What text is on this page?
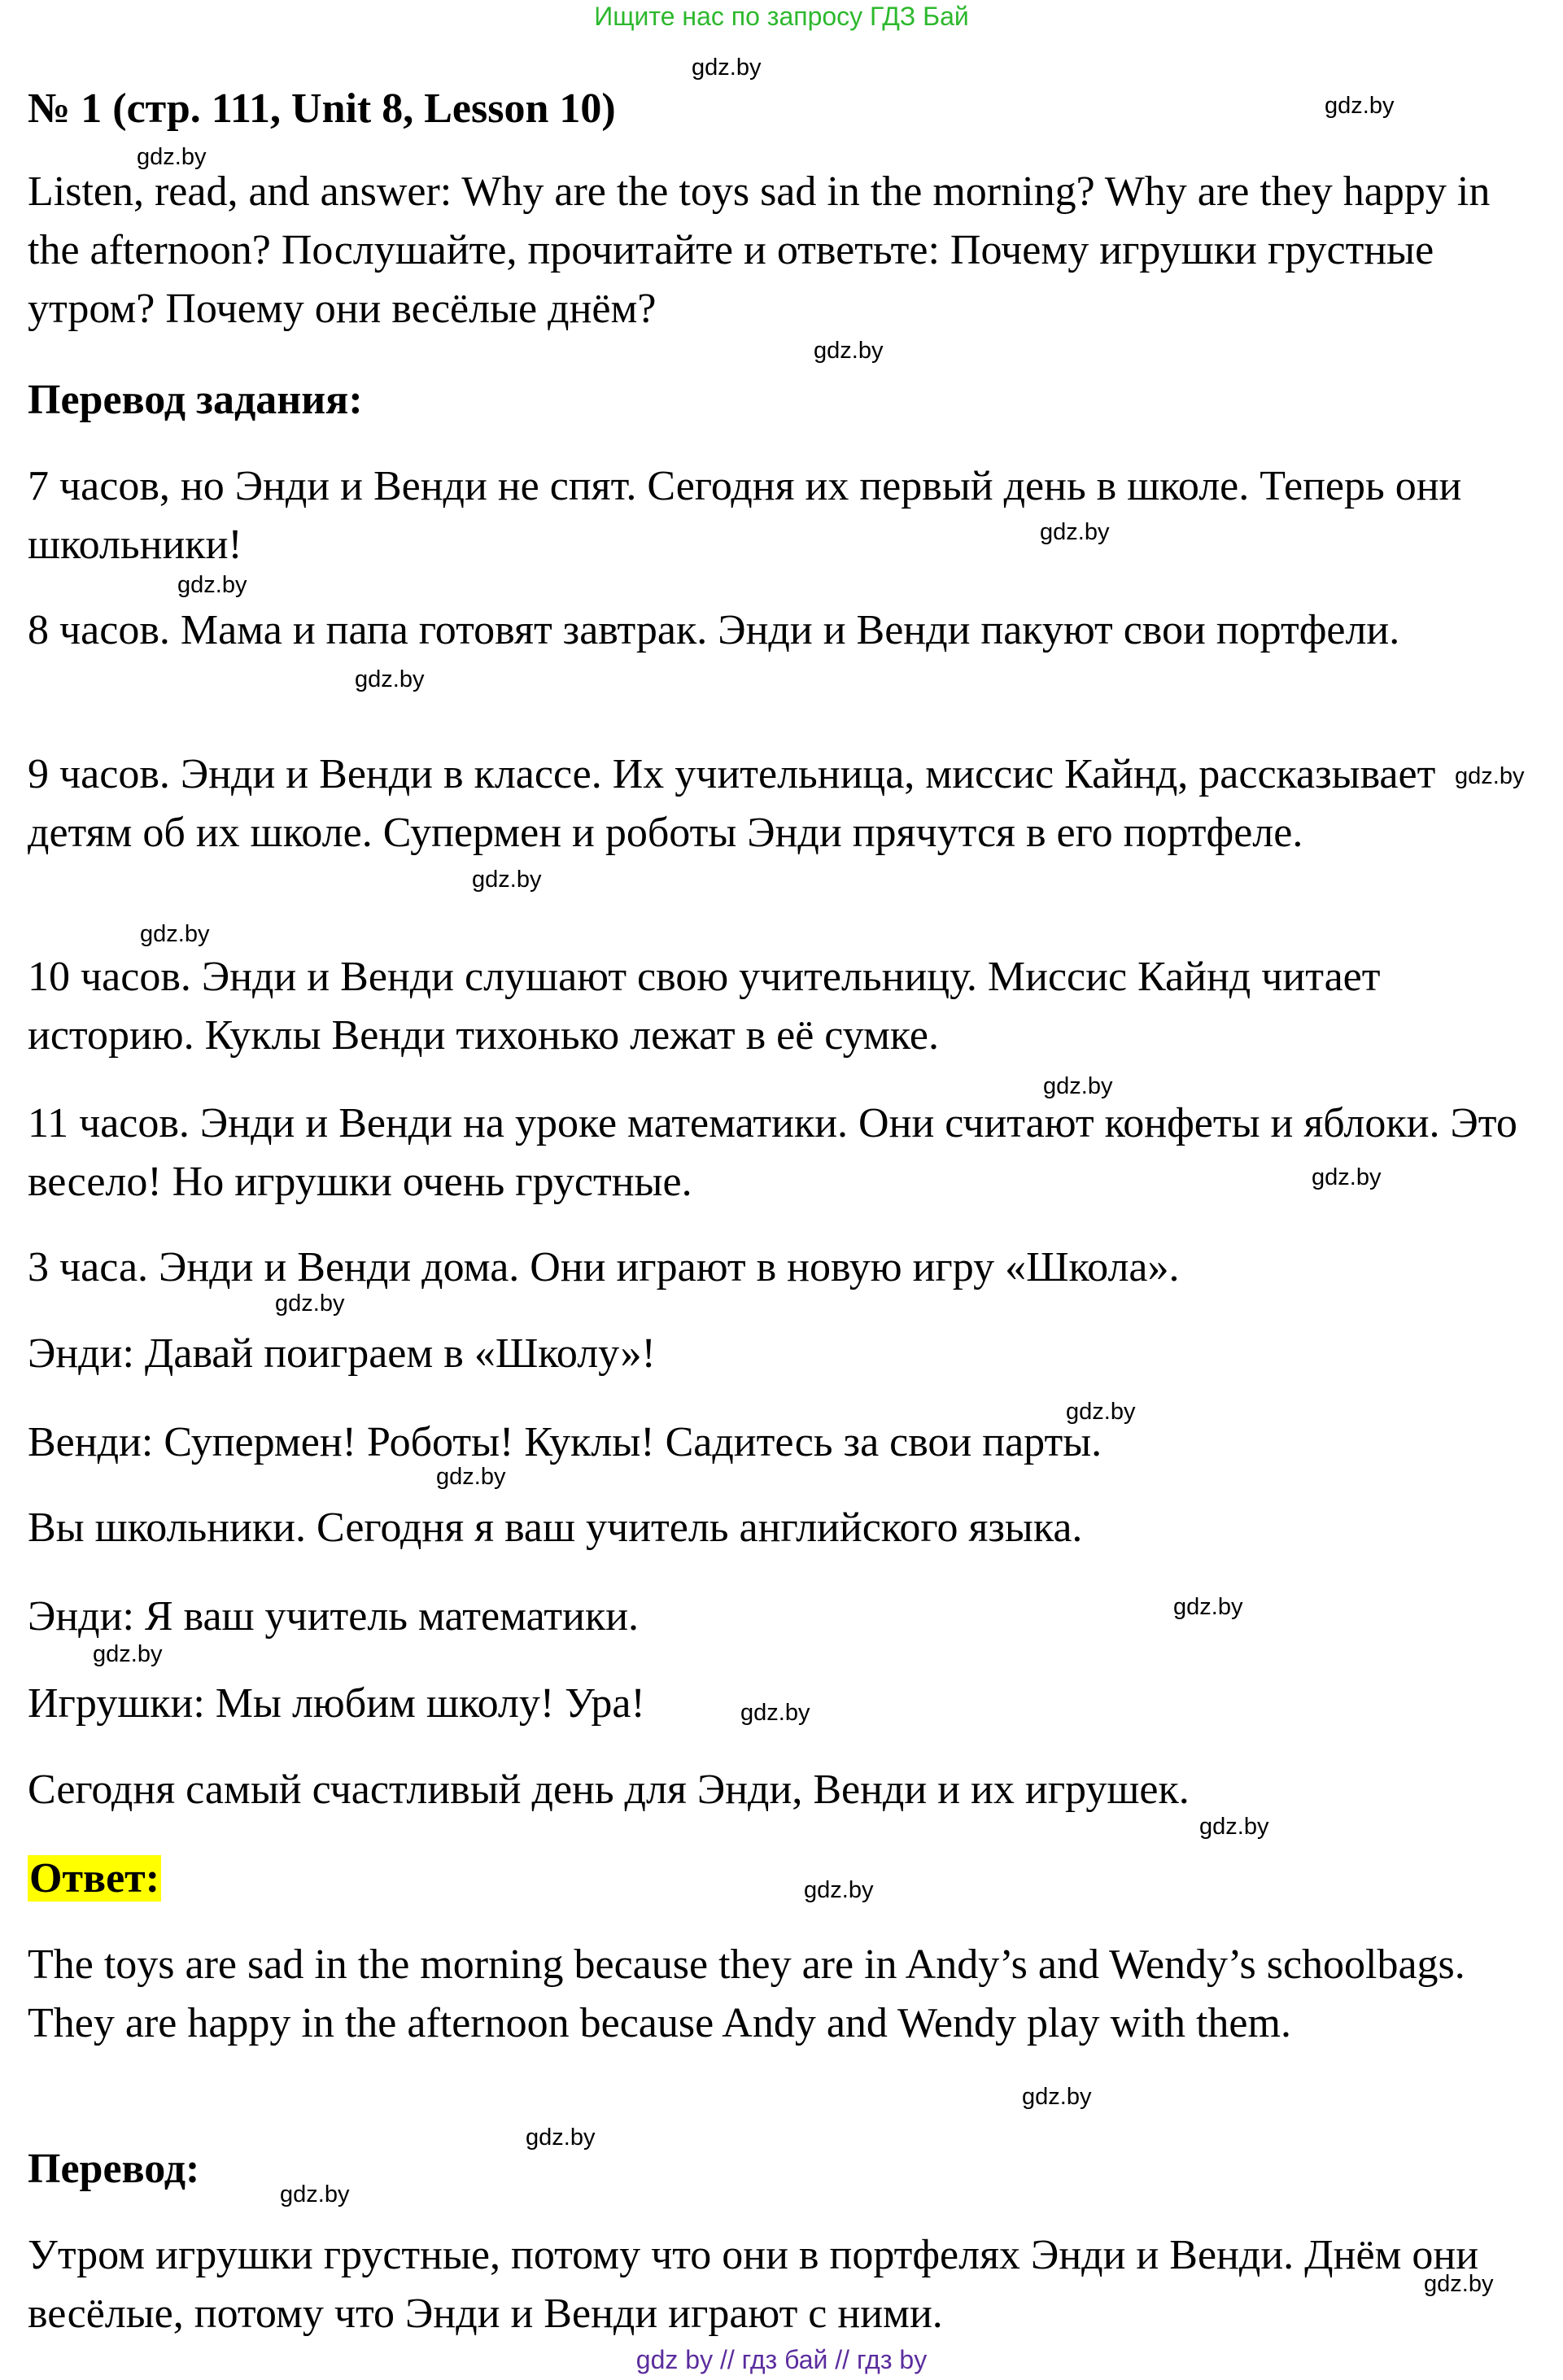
Ищите нас по запросу ГДЗ Бай

№ 1 (стр. 111, Unit 8, Lesson 10)

Listen, read, and answer: Why are the toys sad in the morning? Why are they happy in the afternoon? Послушайте, прочитайте и ответьте: Почему игрушки грустные утром? Почему они весёлые днём?

Перевод задания:

7 часов, но Энди и Венди не спят. Сегодня их первый день в школе. Теперь они школьники!

8 часов. Мама и папа готовят завтрак. Энди и Венди пакуют свои портфели.

9 часов. Энди и Венди в классе. Их учительница, миссис Кайнд, рассказывает детям об их школе. Супермен и роботы Энди прячутся в его портфеле.

10 часов. Энди и Венди слушают свою учительницу. Миссис Кайнд читает историю. Куклы Венди тихонько лежат в её сумке.

11 часов. Энди и Венди на уроке математики. Они считают конфеты и яблоки. Это весело! Но игрушки очень грустные.

3 часа. Энди и Венди дома. Они играют в новую игру «Школа».

Энди: Давай поиграем в «Школу»!

Венди: Супермен! Роботы! Куклы! Садитесь за свои парты.

Вы школьники. Сегодня я ваш учитель английского языка.

Энди: Я ваш учитель математики.

Игрушки: Мы любим школу! Ура!

Сегодня самый счастливый день для Энди, Венди и их игрушек.

Ответ:

The toys are sad in the morning because they are in Andy’s and Wendy’s schoolbags. They are happy in the afternoon because Andy and Wendy play with them.

Перевод:

Утром игрушки грустные, потому что они в портфелях Энди и Венди. Днём они весёлые, потому что Энди и Венди играют с ними.

gdz.by
gdz.by
gdz.by
gdz.by
gdz.by
gdz.by
gdz.by
gdz.by
gdz.by
gdz.by
gdz.by
gdz.by
gdz.by
gdz.by
gdz.by
gdz.by
gdz.by
gdz.by
gdz.by
gdz.by
gdz.by
gdz.by
gdz.by
gdz.by
gdz by // гдз бай // гдз by
